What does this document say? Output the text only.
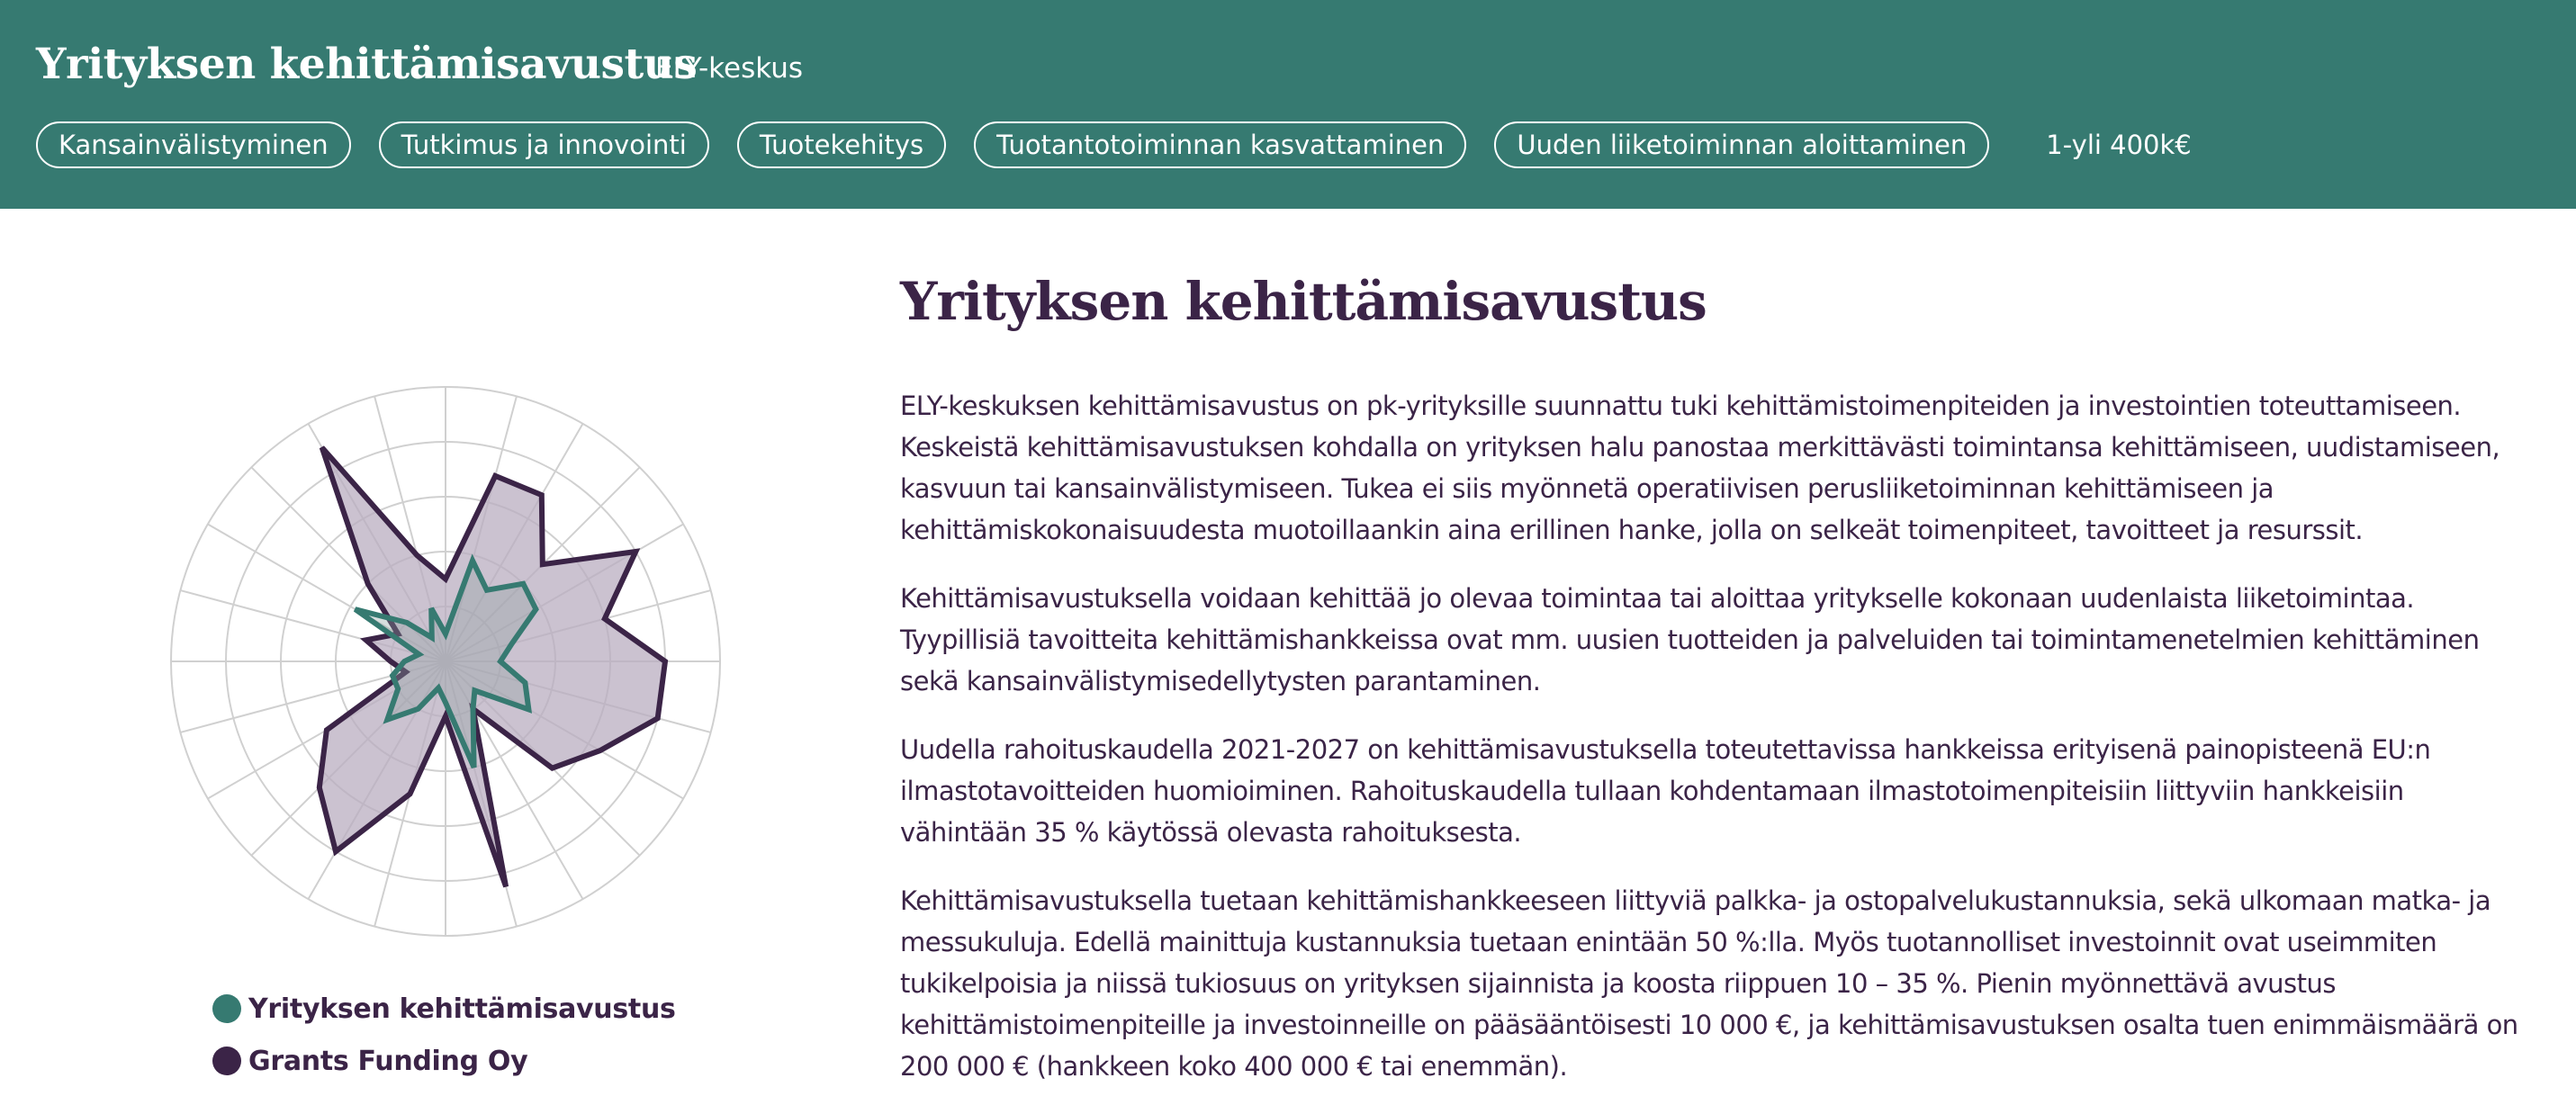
Yrityksen kehittämisavustus
ELY-keskus
Kansainvälistyminen	Tutkimus ja innovointi	Tuotekehitys	Tuotantotoiminnan kasvattaminen	Uuden liiketoiminnan aloittaminen	1-yli 400k€
Yrityksen kehittämisavustus
Grants Funding Oy
Yrityksen kehittämisavustus

ELY-keskuksen kehittämisavustus on pk-yrityksille suunnattu tuki kehittämistoimenpiteiden ja investointien toteuttamiseen. Keskeistä kehittämisavustuksen kohdalla on yrityksen halu panostaa merkittävästi toimintansa kehittämiseen, uudistamiseen, kasvuun tai kansainvälistymiseen. Tukea ei siis myönnetä operatiivisen perusliiketoiminnan kehittämiseen ja kehittämiskokonaisuudesta muotoillaankin aina erillinen hanke, jolla on selkeät toimenpiteet, tavoitteet ja resurssit.

Kehittämisavustuksella voidaan kehittää jo olevaa toimintaa tai aloittaa yritykselle kokonaan uudenlaista liiketoimintaa. Tyypillisiä tavoitteita kehittämishankkeissa ovat mm. uusien tuotteiden ja palveluiden tai toimintamenetelmien kehittäminen sekä kansainvälistymisedellytysten parantaminen.

Uudella rahoituskaudella 2021-2027 on kehittämisavustuksella toteutettavissa hankkeissa erityisenä painopisteenä EU:n ilmastotavoitteiden huomioiminen. Rahoituskaudella tullaan kohdentamaan ilmastotoimenpiteisiin liittyviin hankkeisiin vähintään 35 % käytössä olevasta rahoituksesta.

Kehittämisavustuksella tuetaan kehittämishankkeeseen liittyviä palkka- ja ostopalvelukustannuksia, sekä ulkomaan matka- ja messukuluja. Edellä mainittuja kustannuksia tuetaan enintään 50 %:lla. Myös tuotannolliset investoinnit ovat useimmiten tukikelpoisia ja niissä tukiosuus on yrityksen sijainnista ja koosta riippuen 10 – 35 %. Pienin myönnettävä avustus kehittämistoimenpiteille ja investoinneille on pääsääntöisesti 10 000 €, ja kehittämisavustuksen osalta tuen enimmäismäärä on 200 000 € (hankkeen koko 400 000 € tai enemmän).
